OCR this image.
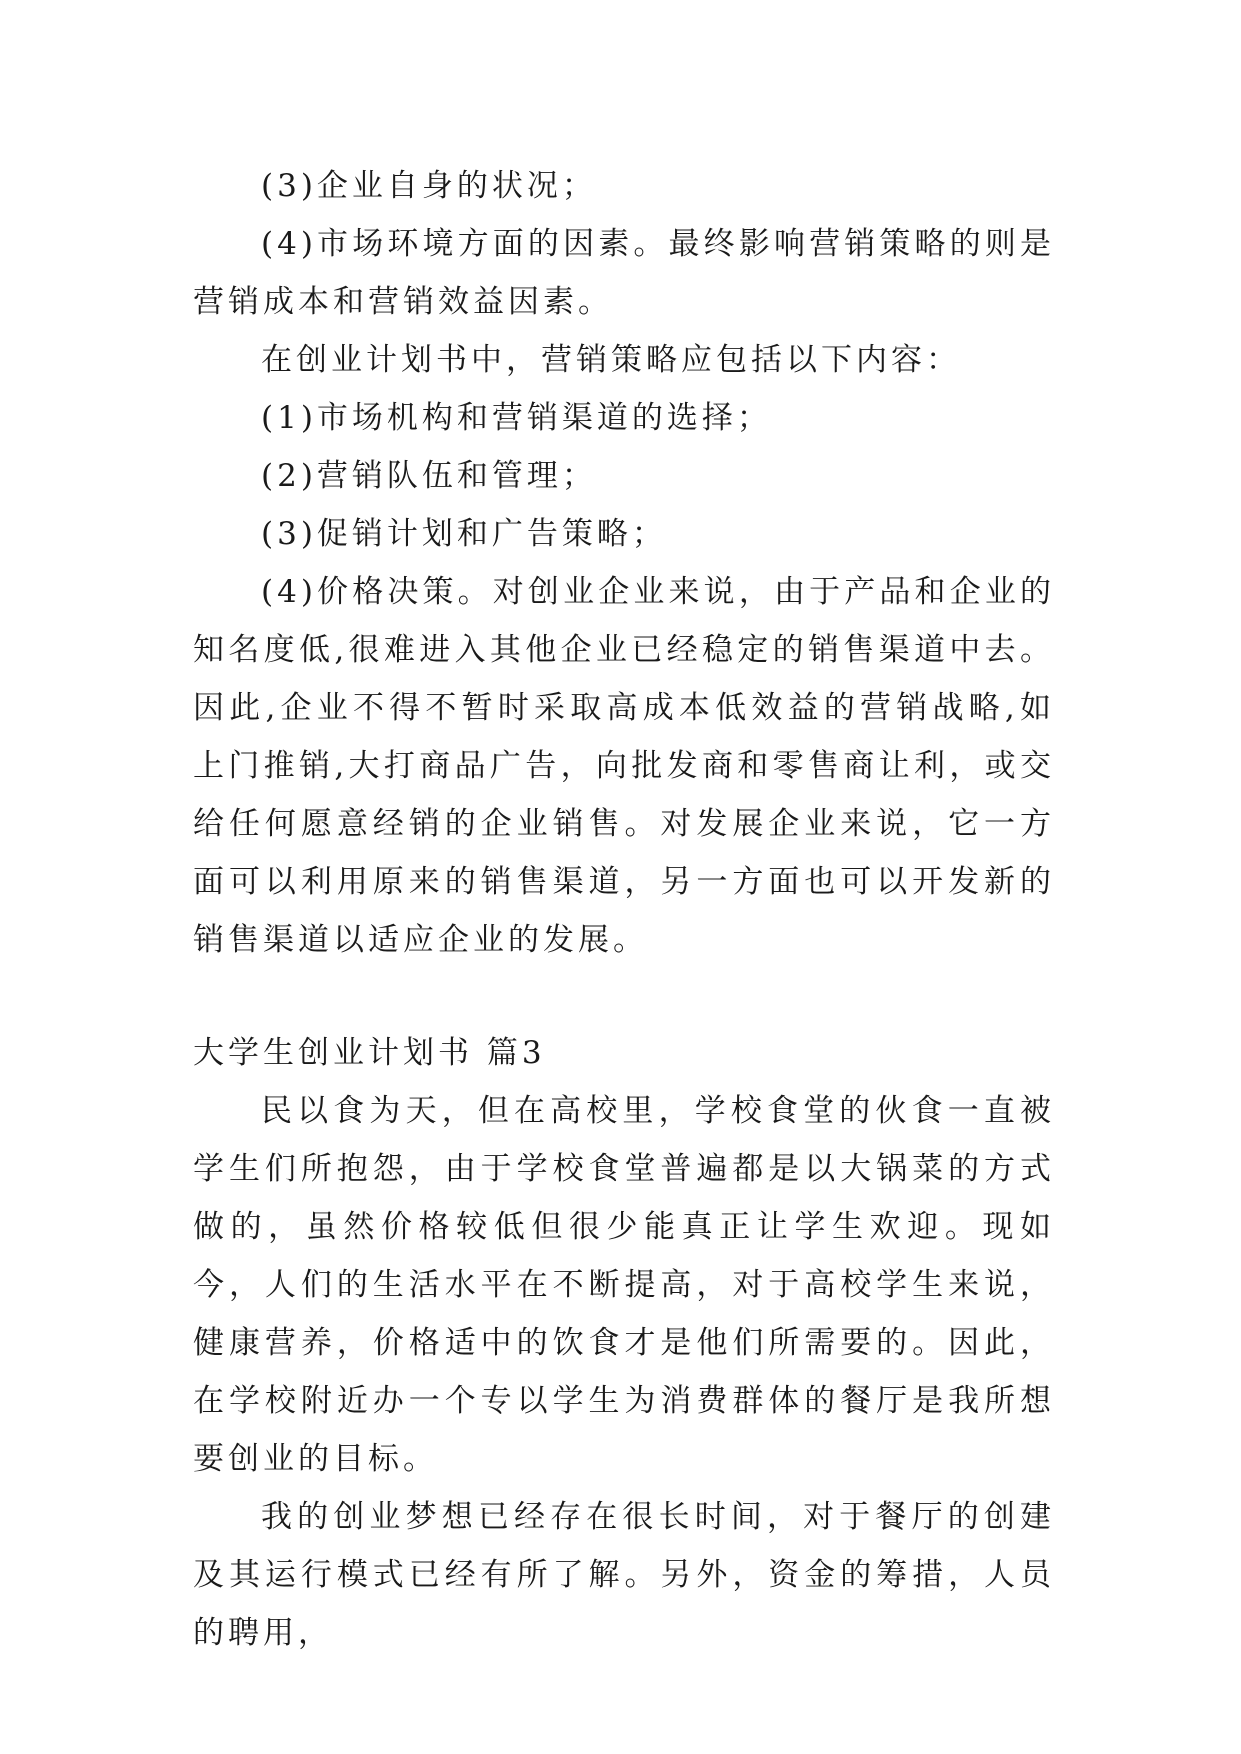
(3)企业自身的状况；

(4)市场环境方面的因素。最终影响营销策略的则是营销成本和营销效益因素。

在创业计划书中，营销策略应包括以下内容：

(1)市场机构和营销渠道的选择；

(2)营销队伍和管理；

(3)促销计划和广告策略；

(4)价格决策。对创业企业来说，由于产品和企业的知名度低,很难进入其他企业已经稳定的销售渠道中去。因此,企业不得不暂时采取高成本低效益的营销战略,如上门推销,大打商品广告，向批发商和零售商让利，或交给任何愿意经销的企业销售。对发展企业来说，它一方面可以利用原来的销售渠道，另一方面也可以开发新的销售渠道以适应企业的发展。

大学生创业计划书 篇3

民以食为天，但在高校里，学校食堂的伙食一直被学生们所抱怨，由于学校食堂普遍都是以大锅菜的方式做的，虽然价格较低但很少能真正让学生欢迎。现如今，人们的生活水平在不断提高，对于高校学生来说，健康营养，价格适中的饮食才是他们所需要的。因此，在学校附近办一个专以学生为消费群体的餐厅是我所想要创业的目标。

我的创业梦想已经存在很长时间，对于餐厅的创建及其运行模式已经有所了解。另外，资金的筹措，人员的聘用，
